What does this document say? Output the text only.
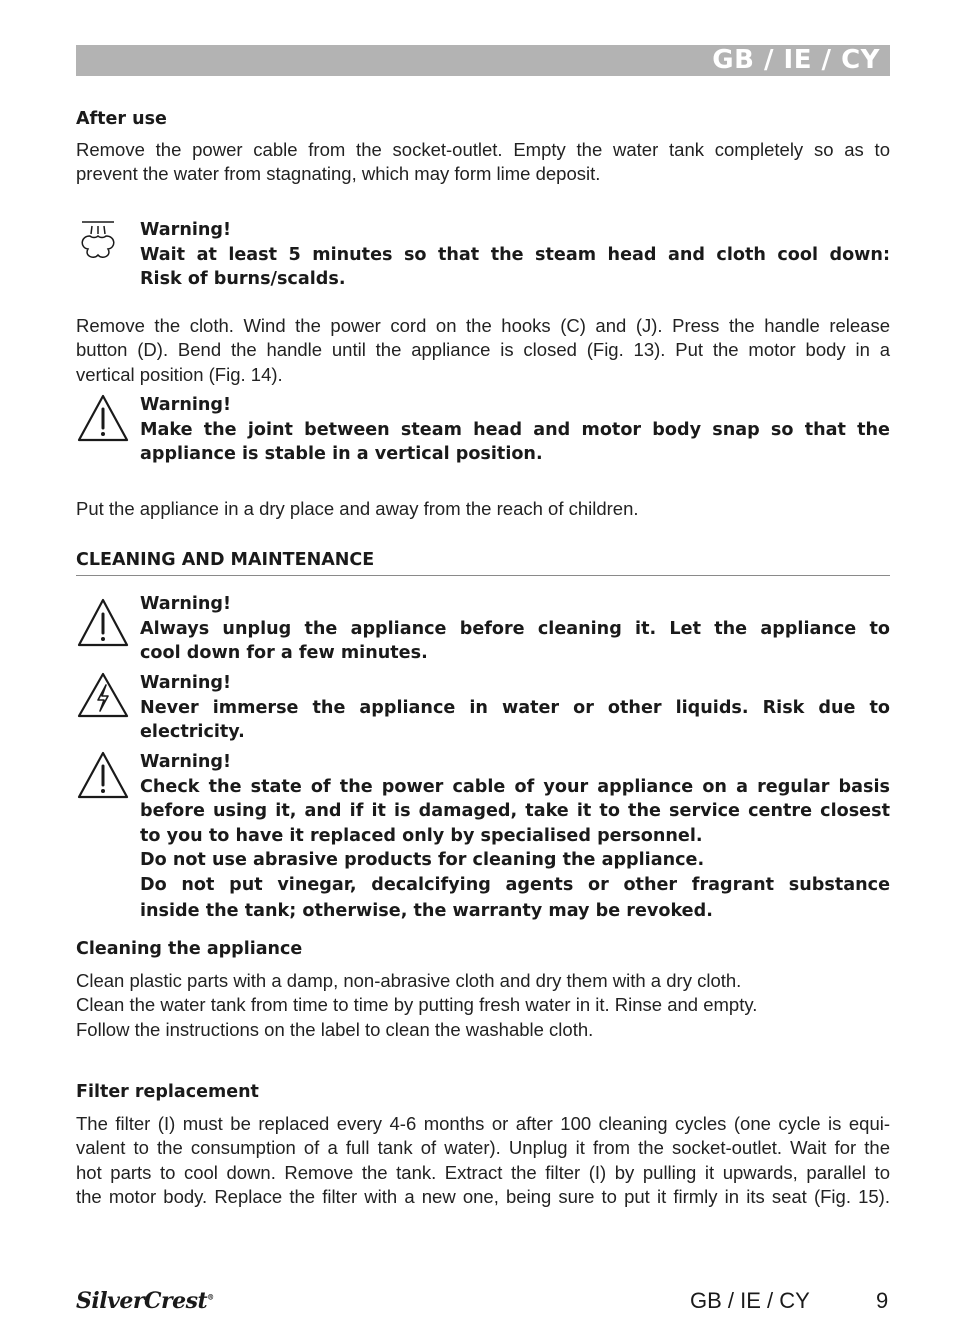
GB / IE / CY

After use

Remove the power cable from the socket-outlet. Empty the water tank completely so as to
prevent the water from stagnating, which may form lime deposit.

Warning!
Wait at least 5 minutes so that the steam head and cloth cool down:
Risk of burns/scalds.

Remove the cloth. Wind the power cord on the hooks (C) and (J). Press the handle release
button (D). Bend the handle until the appliance is closed (Fig. 13). Put the motor body in a
vertical position (Fig. 14).

Warning!
Make the joint between steam head and motor body snap so that the
appliance is stable in a vertical position.

Put the appliance in a dry place and away from the reach of children.

CLEANING AND MAINTENANCE

Warning!
Always unplug the appliance before cleaning it. Let the appliance to
cool down for a few minutes.
Warning!
Never immerse the appliance in water or other liquids. Risk due to
electricity.
Warning!
Check the state of the power cable of your appliance on a regular basis
before using it, and if it is damaged, take it to the service centre closest
to you to have it replaced only by specialised personnel.
Do not use abrasive products for cleaning the appliance.
Do not put vinegar, decalcifying agents or other fragrant substance
inside the tank; otherwise, the warranty may be revoked.

Cleaning the appliance

Clean plastic parts with a damp, non-abrasive cloth and dry them with a dry cloth.
Clean the water tank from time to time by putting fresh water in it. Rinse and empty.
Follow the instructions on the label to clean the washable cloth.

Filter replacement

The filter (I) must be replaced every 4-6 months or after 100 cleaning cycles (one cycle is equi-
valent to the consumption of a full tank of water). Unplug it from the socket-outlet. Wait for the
hot parts to cool down. Remove the tank. Extract the filter (I) by pulling it upwards, parallel to
the motor body. Replace the filter with a new one, being sure to put it firmly in its seat (Fig. 15).

SilverCrest®	GB / IE / CY	9
